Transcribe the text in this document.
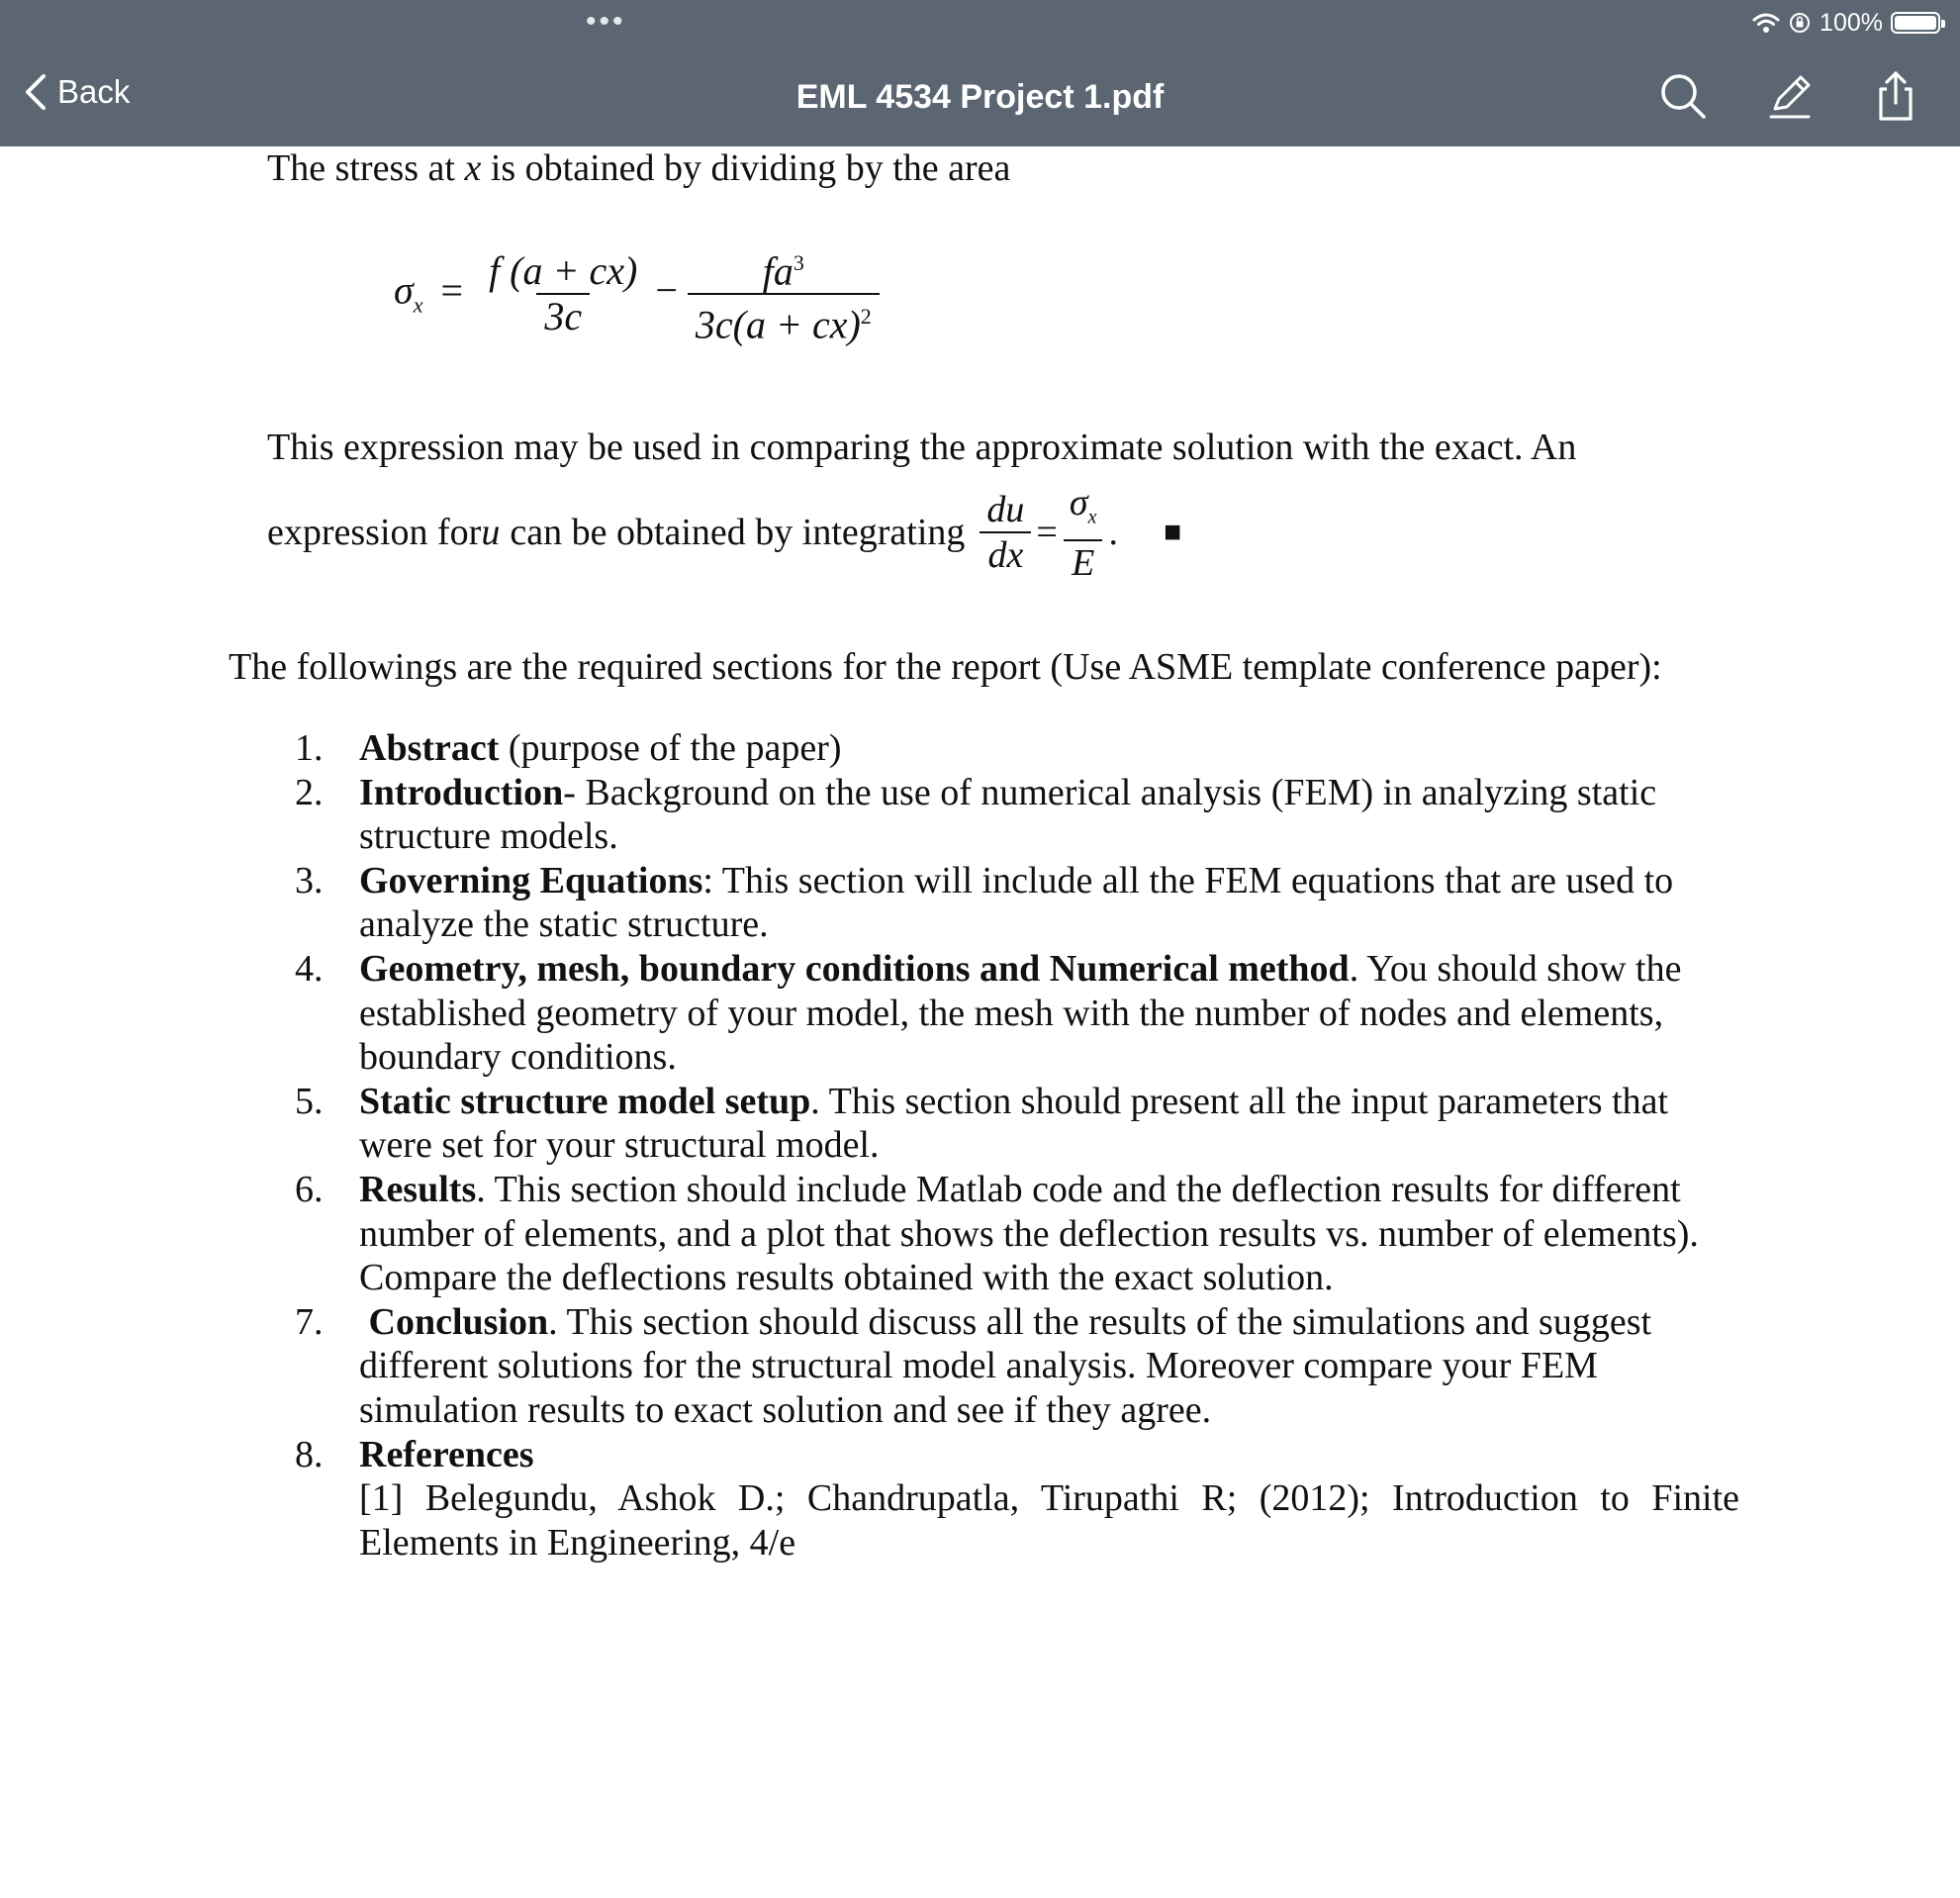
•••	100%
Back	EML 4534 Project 1.pdf
The stress at x is obtained by dividing by the area
$\sigma_x = \frac{f (a + cx)}{3c} - \frac{fa^3}{3c(a + cx)^2}$
This expression may be used in comparing the approximate solution with the exact. An
expression for u can be obtained by integrating $\frac{du}{dx} = \frac{\sigma_x}{E}$ . ■
The followings are the required sections for the report (Use ASME template conference paper):
1. Abstract (purpose of the paper)
2. Introduction- Background on the use of numerical analysis (FEM) in analyzing static structure models.
3. Governing Equations: This section will include all the FEM equations that are used to analyze the static structure.
4. Geometry, mesh, boundary conditions and Numerical method. You should show the established geometry of your model, the mesh with the number of nodes and elements, boundary conditions.
5. Static structure model setup. This section should present all the input parameters that were set for your structural model.
6. Results. This section should include Matlab code and the deflection results for different number of elements, and a plot that shows the deflection results vs. number of elements). Compare the deflections results obtained with the exact solution.
7. Conclusion. This section should discuss all the results of the simulations and suggest different solutions for the structural model analysis. Moreover compare your FEM simulation results to exact solution and see if they agree.
8. References
[1] Belegundu, Ashok D.; Chandrupatla, Tirupathi R; (2012); Introduction to Finite Elements in Engineering, 4/e
